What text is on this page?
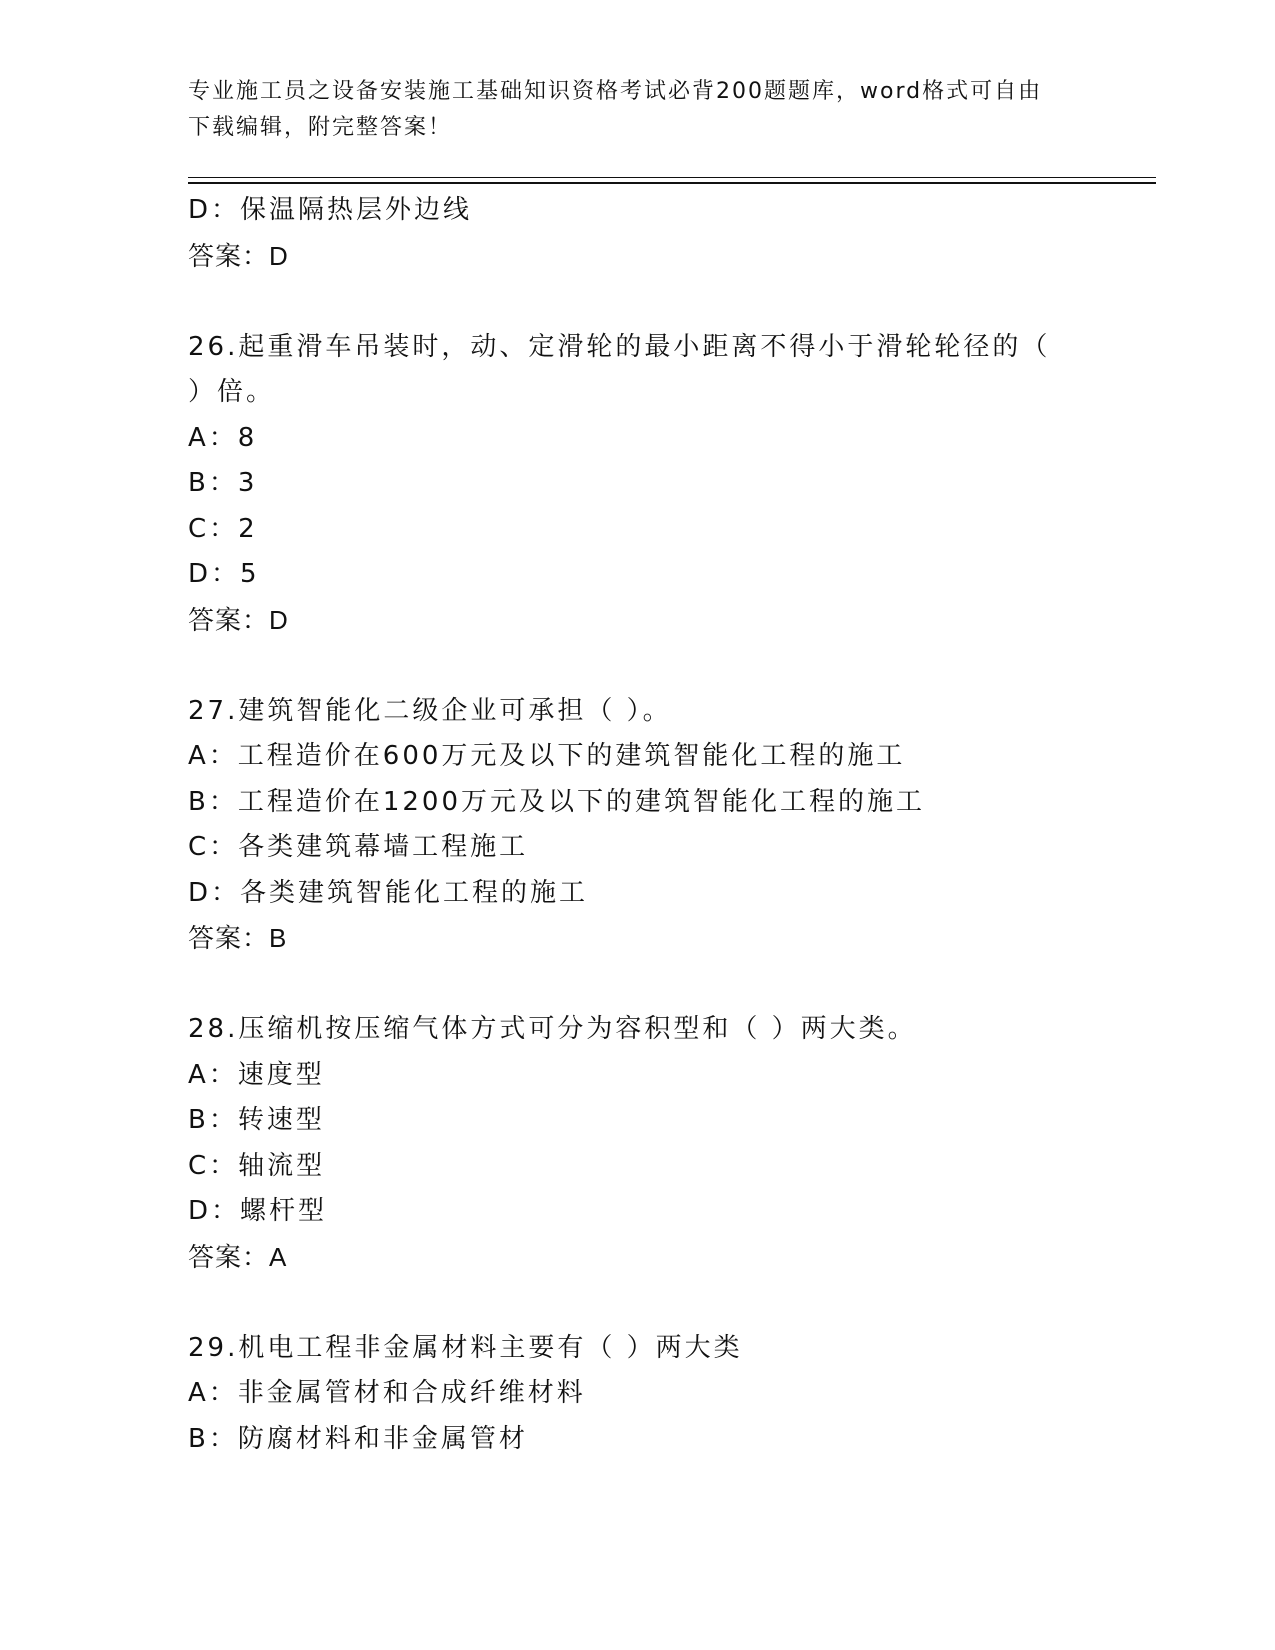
专业施工员之设备安装施工基础知识资格考试必背200题题库，word格式可自由
下载编辑，附完整答案！
D：保温隔热层外边线
答案：D
26.起重滑车吊装时，动、定滑轮的最小距离不得小于滑轮轮径的（
）倍。
A：8
B：3
C：2
D：5
答案：D
27.建筑智能化二级企业可承担（ ）。
A：工程造价在600万元及以下的建筑智能化工程的施工
B：工程造价在1200万元及以下的建筑智能化工程的施工
C：各类建筑幕墙工程施工
D：各类建筑智能化工程的施工
答案：B
28.压缩机按压缩气体方式可分为容积型和（ ）两大类。
A：速度型
B：转速型
C：轴流型
D：螺杆型
答案：A
29.机电工程非金属材料主要有（ ）两大类
A：非金属管材和合成纤维材料
B：防腐材料和非金属管材
